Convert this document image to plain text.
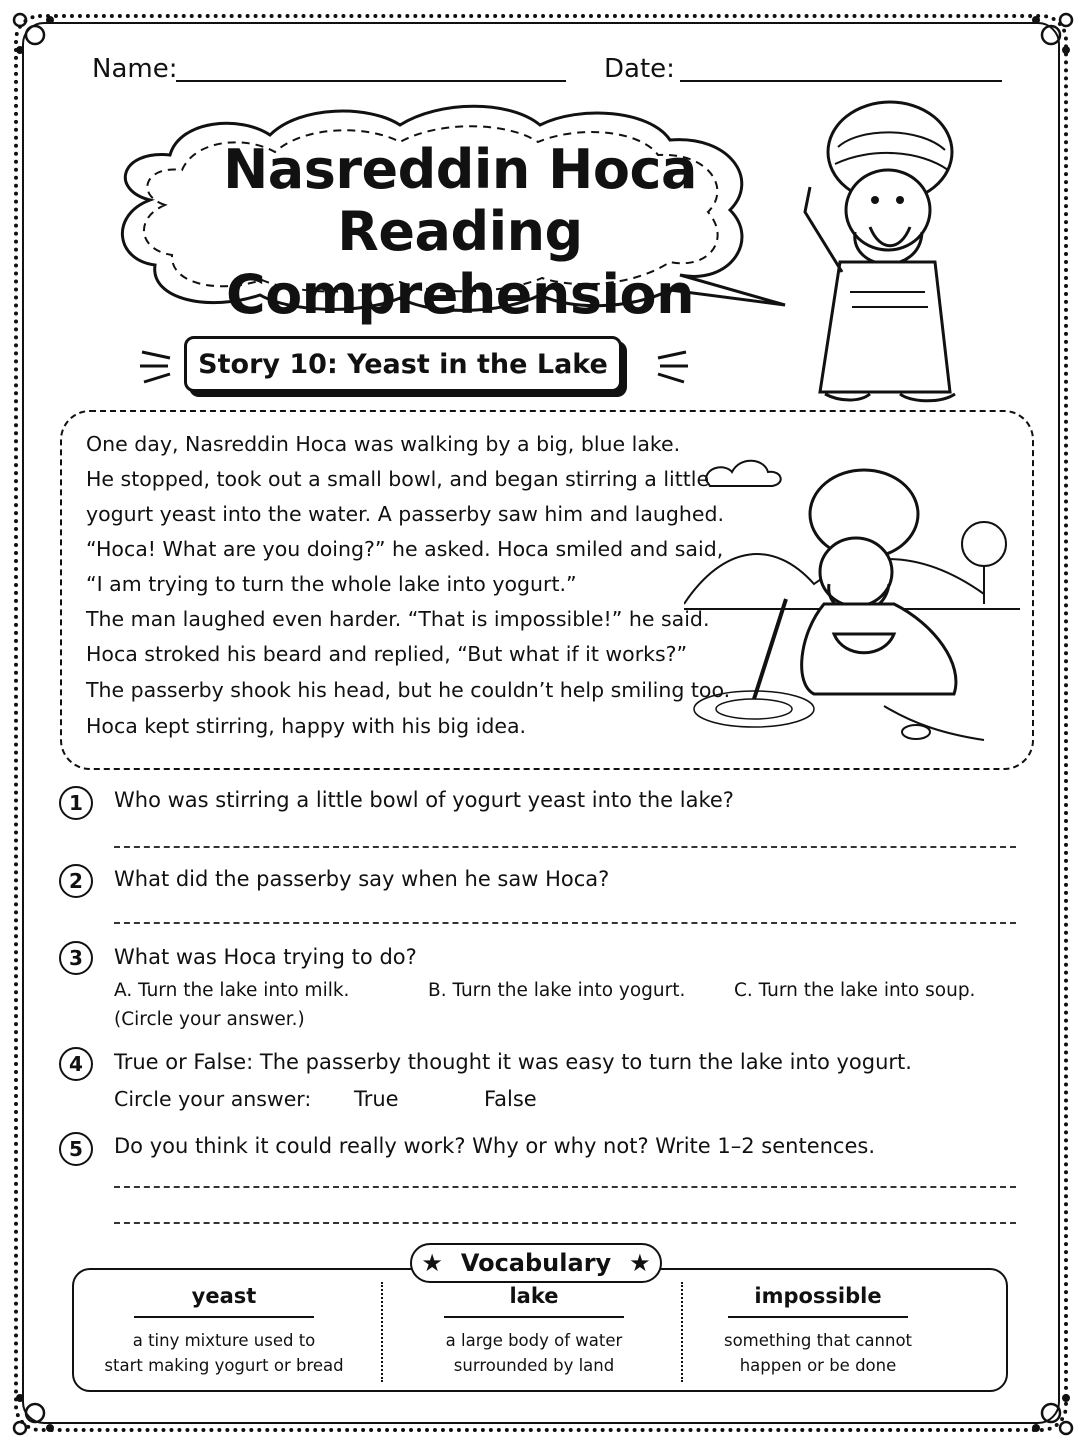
Name:	Date:
Nasreddin Hoca
Reading Comprehension
Story 10: Yeast in the Lake
One day, Nasreddin Hoca was walking by a big, blue lake.
He stopped, took out a small bowl, and began stirring a little
yogurt yeast into the water. A passerby saw him and laughed.
“Hoca! What are you doing?” he asked. Hoca smiled and said,
“I am trying to turn the whole lake into yogurt.”
The man laughed even harder. “That is impossible!” he said.
Hoca stroked his beard and replied, “But what if it works?”
The passerby shook his head, but he couldn’t help smiling too.
Hoca kept stirring, happy with his big idea.
1	Who was stirring a little bowl of yogurt yeast into the lake?
2	What did the passerby say when he saw Hoca?
3	What was Hoca trying to do?
A. Turn the lake into milk.	B. Turn the lake into yogurt.	C. Turn the lake into soup.
(Circle your answer.)
4	True or False: The passerby thought it was easy to turn the lake into yogurt.
Circle your answer: True	False
5	Do you think it could really work? Why or why not? Write 1–2 sentences.
★ Vocabulary ★
yeast
a tiny mixture used to
start making yogurt or bread
lake
a large body of water
surrounded by land
impossible
something that cannot
happen or be done
